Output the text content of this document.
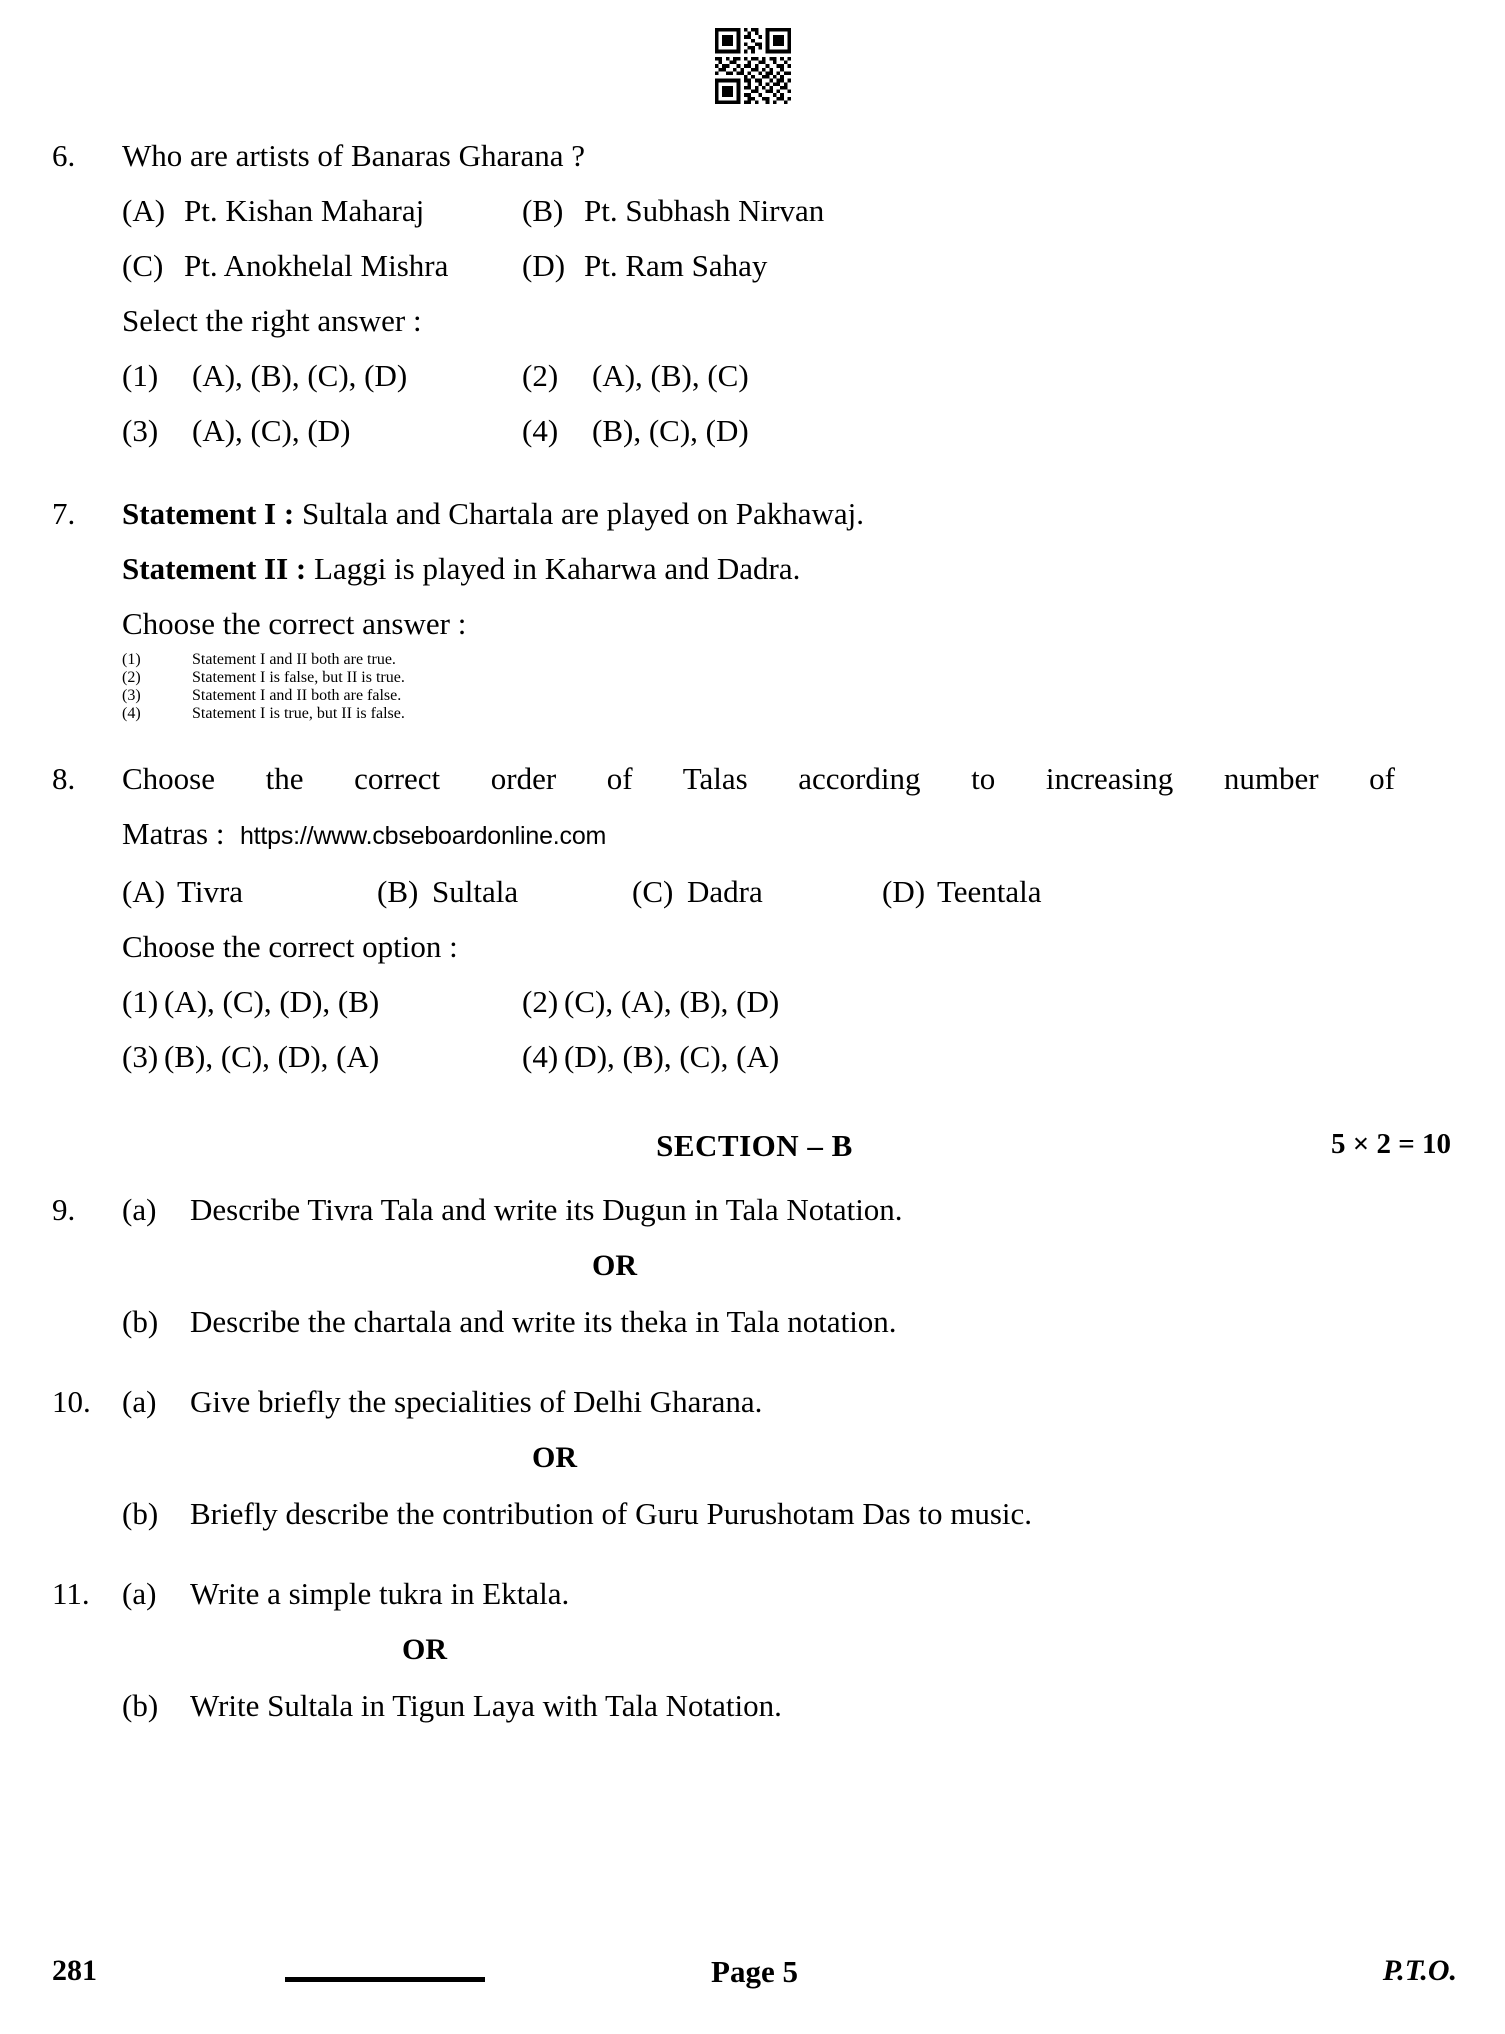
6.	Who are artists of Banaras Gharana ?
(A) Pt. Kishan Maharaj	(B) Pt. Subhash Nirvan
(C) Pt. Anokhelal Mishra	(D) Pt. Ram Sahay
Select the right answer :
(1)	(A), (B), (C), (D)	(2)	(A), (B), (C)
(3)	(A), (C), (D)	(4)	(B), (C), (D)
7.	Statement I : Sultala and Chartala are played on Pakhawaj.
Statement II : Laggi is played in Kaharwa and Dadra.
Choose the correct answer :
(1)	Statement I and II both are true.
(2)	Statement I is false, but II is true.
(3)	Statement I and II both are false.
(4)	Statement I is true, but II is false.
8.	Choose the correct order of Talas according to increasing number of
Matras : https://www.cbseboardonline.com
(A) Tivra	(B) Sultala	(C) Dadra	(D) Teentala
Choose the correct option :
(1) (A), (C), (D), (B)	(2) (C), (A), (B), (D)
(3) (B), (C), (D), (A)	(4) (D), (B), (C), (A)
SECTION – B	5 × 2 = 10
9.	(a)	Describe Tivra Tala and write its Dugun in Tala Notation.
OR
(b)	Describe the chartala and write its theka in Tala notation.
10.	(a)	Give briefly the specialities of Delhi Gharana.
OR
(b)	Briefly describe the contribution of Guru Purushotam Das to music.
11.	(a)	Write a simple tukra in Ektala.
OR
(b)	Write Sultala in Tigun Laya with Tala Notation.
281	Page 5	P.T.O.
